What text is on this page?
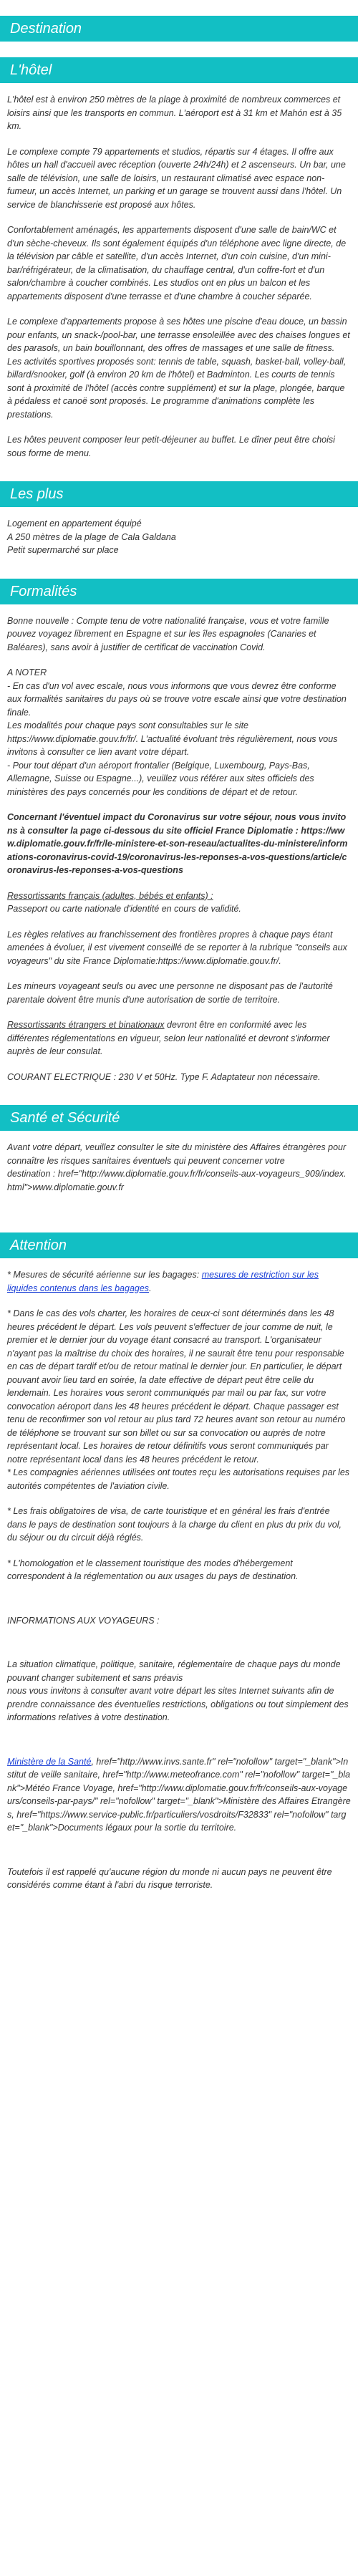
Destination
L'hôtel

L'hôtel est à environ 250 mètres de la plage à proximité de nombreux commerces et loisirs ainsi que les transports en commun. L'aéroport est à 31 km et Mahón est à 35 km.

Le complexe compte 79 appartements et studios, répartis sur 4 étages. Il offre aux hôtes un hall d'accueil avec réception (ouverte 24h/24h) et 2 ascenseurs. Un bar, une salle de télévision, une salle de loisirs, un restaurant climatisé avec espace non-fumeur, un accès Internet, un parking et un garage se trouvent aussi dans l'hôtel. Un service de blanchisserie est proposé aux hôtes.

Confortablement aménagés, les appartements disposent d'une salle de bain/WC et d'un sèche-cheveux. Ils sont également équipés d'un téléphone avec ligne directe, de la télévision par câble et satellite, d'un accès Internet, d'un coin cuisine, d'un mini-bar/réfrigérateur, de la climatisation, du chauffage central, d'un coffre-fort et d'un salon/chambre à coucher combinés. Les studios ont en plus un balcon et les appartements disposent d'une terrasse et d'une chambre à coucher séparée.

Le complexe d'appartements propose à ses hôtes une piscine d'eau douce, un bassin pour enfants, un snack-/pool-bar, une terrasse ensoleillée avec des chaises longues et des parasols, un bain bouillonnant, des offres de massages et une salle de fitness. Les activités sportives proposés sont: tennis de table, squash, basket-ball, volley-ball, billard/snooker, golf (à environ 20 km de l'hôtel) et Badminton. Les courts de tennis sont à proximité de l'hôtel (accès contre supplément) et sur la plage, plongée, barque à pédaless et canoë sont proposés. Le programme d'animations complète les prestations.

Les hôtes peuvent composer leur petit-déjeuner au buffet. Le dîner peut être choisi sous forme de menu.

Les plus
Logement en appartement équipé
A 250 mètres de la plage de Cala Galdana
Petit supermarché sur place
Formalités

Bonne nouvelle : Compte tenu de votre nationalité française, vous et votre famille pouvez voyagez librement en Espagne et sur les îles espagnoles (Canaries et Baléares), sans avoir à justifier de certificat de vaccination Covid.

A NOTER
- En cas d'un vol avec escale, nous vous informons que vous devrez être conforme aux formalités sanitaires du pays où se trouve votre escale ainsi que votre destination finale.
Les modalités pour chaque pays sont consultables sur le site https://www.diplomatie.gouv.fr/fr/. L'actualité évoluant très régulièrement, nous vous invitons à consulter ce lien avant votre départ.
- Pour tout départ d'un aéroport frontalier (Belgique, Luxembourg, Pays-Bas, Allemagne, Suisse ou Espagne...), veuillez vous référer aux sites officiels des ministères des pays concernés pour les conditions de départ et de retour.

Concernant l'éventuel impact du Coronavirus sur votre séjour, nous vous invitons à consulter la page ci-dessous du site officiel France Diplomatie : https://www.diplomatie.gouv.fr/fr/le-ministere-et-son-reseau/actualites-du-ministere/informations-coronavirus-covid-19/coronavirus-les-reponses-a-vos-questions/article/coronavirus-les-reponses-a-vos-questions

Ressortissants français (adultes, bébés et enfants) :
Passeport ou carte nationale d'identité en cours de validité.

Les règles relatives au franchissement des frontières propres à chaque pays étant amenées à évoluer, il est vivement conseillé de se reporter à la rubrique "conseils aux voyageurs" du site France Diplomatie:https://www.diplomatie.gouv.fr/.

Les mineurs voyageant seuls ou avec une personne ne disposant pas de l'autorité parentale doivent être munis d'une autorisation de sortie de territoire.

Ressortissants étrangers et binationaux devront être en conformité avec les différentes réglementations en vigueur, selon leur nationalité et devront s'informer auprès de leur consulat.

COURANT ELECTRIQUE : 230 V et 50Hz. Type F. Adaptateur non nécessaire.

Santé et Sécurité

Avant votre départ, veuillez consulter le site du ministère des Affaires étrangères pour connaître les risques sanitaires éventuels qui peuvent concerner votre
destination : href="http://www.diplomatie.gouv.fr/fr/conseils-aux-voyageurs_909/index.html">www.diplomatie.gouv.fr

Attention

* Mesures de sécurité aérienne sur les bagages: mesures de restriction sur les liquides contenus dans les bagages.

* Dans le cas des vols charter, les horaires de ceux-ci sont déterminés dans les 48 heures précédent le départ. Les vols peuvent s'effectuer de jour comme de nuit, le premier et le dernier jour du voyage étant consacré au transport. L'organisateur n'ayant pas la maîtrise du choix des horaires, il ne saurait être tenu pour responsable en cas de départ tardif et/ou de retour matinal le dernier jour. En particulier, le départ pouvant avoir lieu tard en soirée, la date effective de départ peut être celle du lendemain. Les horaires vous seront communiqués par mail ou par fax, sur votre convocation aéroport dans les 48 heures précédent le départ. Chaque passager est tenu de reconfirmer son vol retour au plus tard 72 heures avant son retour au numéro de téléphone se trouvant sur son billet ou sur sa convocation ou auprès de notre représentant local. Les horaires de retour définitifs vous seront communiqués par notre représentant local dans les 48 heures précédent le retour.
* Les compagnies aériennes utilisées ont toutes reçu les autorisations requises par les autorités compétentes de l'aviation civile.

* Les frais obligatoires de visa, de carte touristique et en général les frais d'entrée dans le pays de destination sont toujours à la charge du client en plus du prix du vol, du séjour ou du circuit déjà réglés.

* L'homologation et le classement touristique des modes d'hébergement correspondent à la réglementation ou aux usages du pays de destination.

INFORMATIONS AUX VOYAGEURS :

La situation climatique, politique, sanitaire, réglementaire de chaque pays du monde pouvant changer subitement et sans préavis
nous vous invitons à consulter avant votre départ les sites Internet suivants afin de prendre connaissance des éventuelles restrictions, obligations ou tout simplement des informations relatives à votre destination.

Ministère de la Santé, href="http://www.invs.sante.fr" rel="nofollow" target="_blank">Institut de veille sanitaire, href="http://www.meteofrance.com" rel="nofollow" target="_blank">Météo France Voyage, href="http://www.diplomatie.gouv.fr/fr/conseils-aux-voyageurs/conseils-par-pays/" rel="nofollow" target="_blank">Ministère des Affaires Etrangères, href="https://www.service-public.fr/particuliers/vosdroits/F32833" rel="nofollow" target="_blank">Documents légaux pour la sortie du territoire.

Toutefois il est rappelé qu'aucune région du monde ni aucun pays ne peuvent être considérés comme étant à l'abri du risque terroriste.
